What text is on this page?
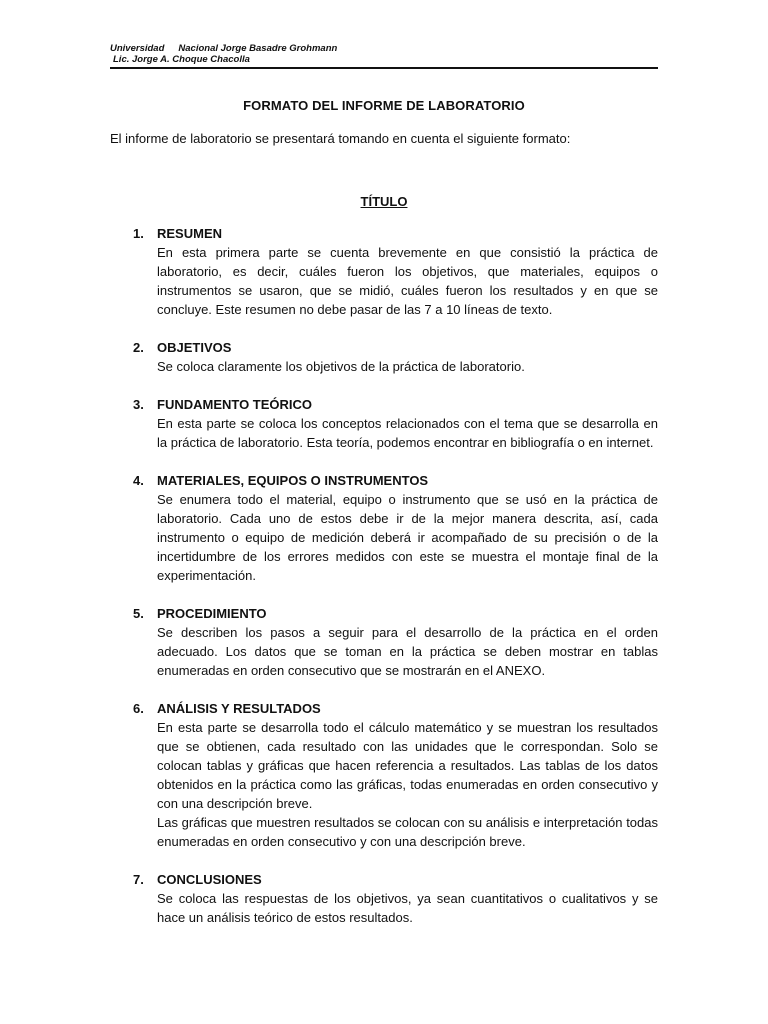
Universidad Nacional Jorge Basadre Grohmann
Lic. Jorge A. Choque Chacolla
FORMATO DEL INFORME DE LABORATORIO
El informe de laboratorio se presentará tomando en cuenta el siguiente formato:
TÍTULO
1. RESUMEN
En esta primera parte se cuenta brevemente en que consistió la práctica de laboratorio, es decir, cuáles fueron los objetivos, que materiales, equipos o instrumentos se usaron, que se midió, cuáles fueron los resultados y en que se concluye. Este resumen no debe pasar de las 7 a 10 líneas de texto.
2. OBJETIVOS
Se coloca claramente los objetivos de la práctica de laboratorio.
3. FUNDAMENTO TEÓRICO
En esta parte se coloca los conceptos relacionados con el tema que se desarrolla en la práctica de laboratorio. Esta teoría, podemos encontrar en bibliografía o en internet.
4. MATERIALES, EQUIPOS O INSTRUMENTOS
Se enumera todo el material, equipo o instrumento que se usó en la práctica de laboratorio. Cada uno de estos debe ir de la mejor manera descrita, así, cada instrumento o equipo de medición deberá ir acompañado de su precisión o de la incertidumbre de los errores medidos con este se muestra el montaje final de la experimentación.
5. PROCEDIMIENTO
Se describen los pasos a seguir para el desarrollo de la práctica en el orden adecuado. Los datos que se toman en la práctica se deben mostrar en tablas enumeradas en orden consecutivo que se mostrarán en el ANEXO.
6. ANÁLISIS Y RESULTADOS
En esta parte se desarrolla todo el cálculo matemático y se muestran los resultados que se obtienen, cada resultado con las unidades que le correspondan. Solo se colocan tablas y gráficas que hacen referencia a resultados. Las tablas de los datos obtenidos en la práctica como las gráficas, todas enumeradas en orden consecutivo y con una descripción breve.
Las gráficas que muestren resultados se colocan con su análisis e interpretación todas enumeradas en orden consecutivo y con una descripción breve.
7. CONCLUSIONES
Se coloca las respuestas de los objetivos, ya sean cuantitativos o cualitativos y se hace un análisis teórico de estos resultados.
